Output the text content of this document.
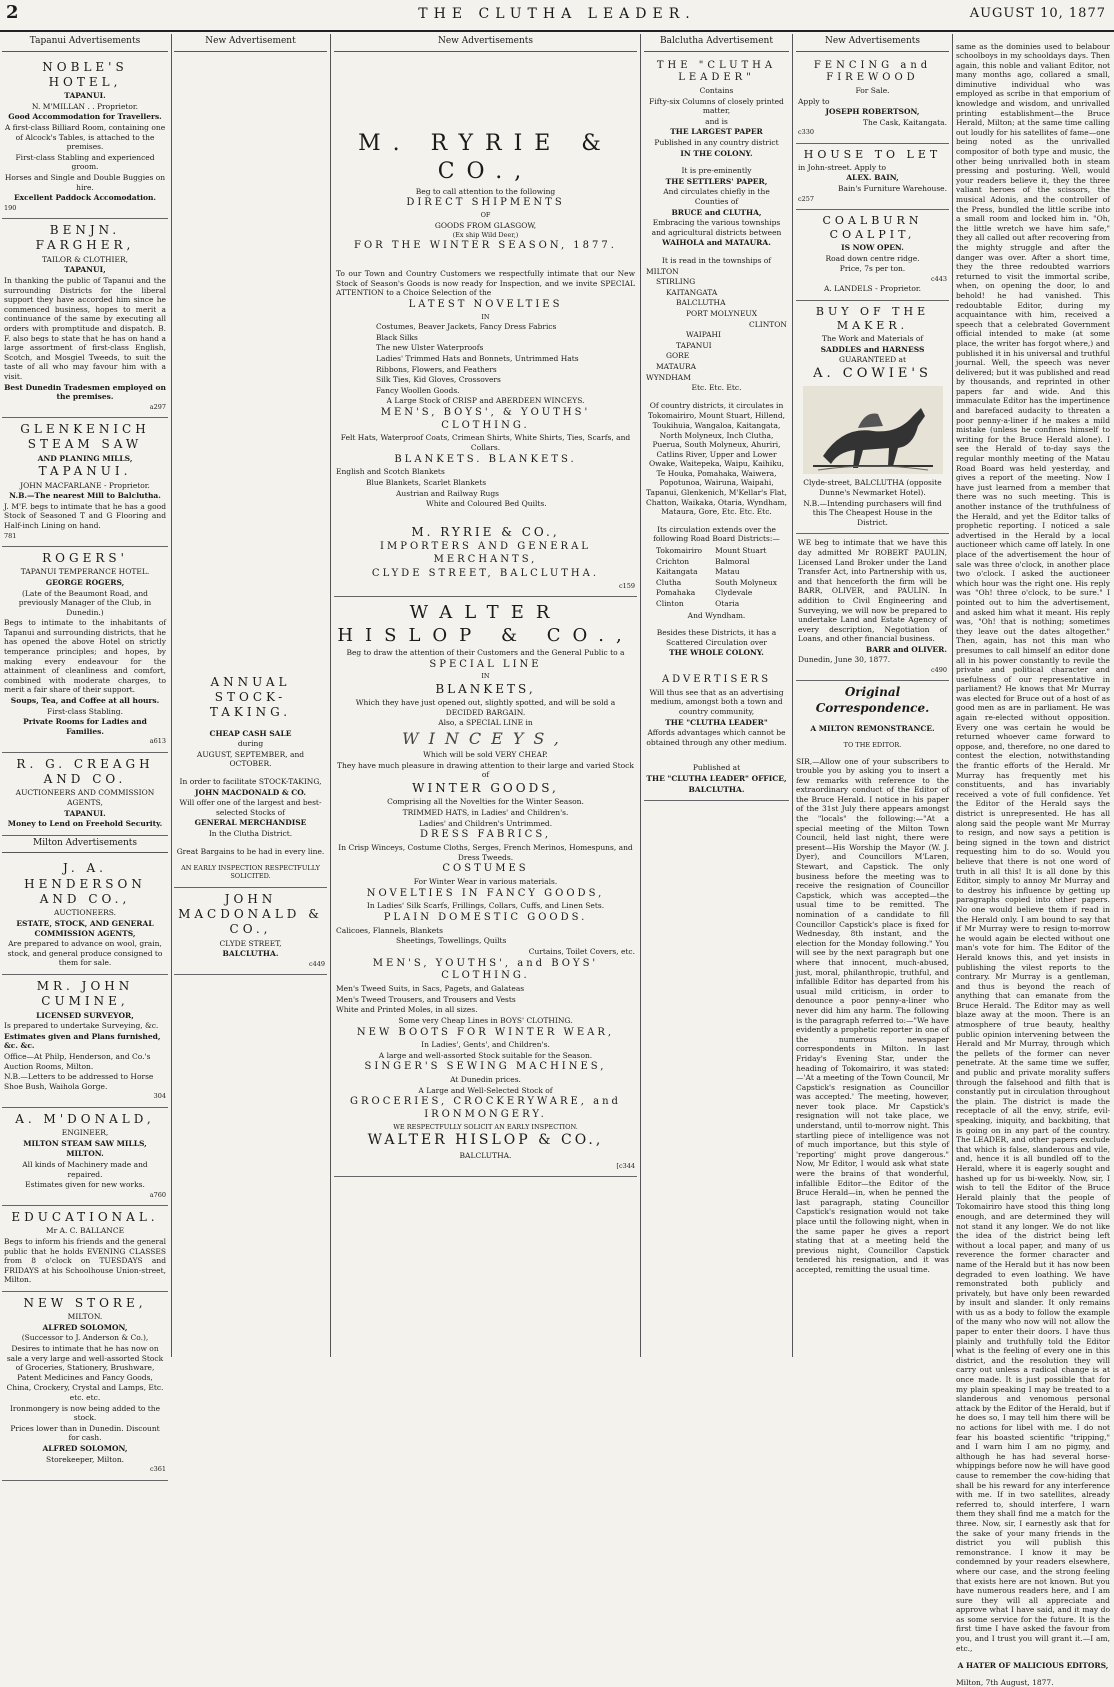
2	THE CLUTHA LEADER.	AUGUST 10, 1877
Tapanui Advertisements

NOBLE'S HOTEL,

TAPANUI.

N. M'MILLAN . . Proprietor.

Good Accommodation for Travellers.

A first-class Billiard Room, containing one of Alcock's Tables, is attached to the premises.

First-class Stabling and experienced groom.

Horses and Single and Double Buggies on hire.

Excellent Paddock Accomodation.

190

BENJN. FARGHER,

TAILOR & CLOTHIER,

TAPANUI,

In thanking the public of Tapanui and the surrounding Districts for the liberal support they have accorded him since he commenced business, hopes to merit a continuance of the same by executing all orders with promptitude and dispatch. B. F. also begs to state that he has on hand a large assortment of first-class English, Scotch, and Mosgiel Tweeds, to suit the taste of all who may favour him with a visit.

Best Dunedin Tradesmen employed on the premises.

a297

GLENKENICH STEAM SAW

AND PLANING MILLS,

TAPANUI.

JOHN MACFARLANE - Proprietor.

N.B.—The nearest Mill to Balclutha.

J. M'F. begs to intimate that he has a good Stock of Seasoned T and G Flooring and Half-inch Lining on hand.

781

ROGERS'

TAPANUI TEMPERANCE HOTEL.

GEORGE ROGERS,

(Late of the Beaumont Road, and previously Manager of the Club, in Dunedin.)

Begs to intimate to the inhabitants of Tapanui and surrounding districts, that he has opened the above Hotel on strictly temperance principles; and hopes, by making every endeavour for the attainment of cleanliness and comfort, combined with moderate charges, to merit a fair share of their support.

Soups, Tea, and Coffee at all hours.

First-class Stabling.

Private Rooms for Ladies and Families.

a613

R. G. CREAGH AND CO.

AUCTIONEERS AND COMMISSION AGENTS,

TAPANUI.

Money to Lend on Freehold Security.

Milton Advertisements

J. A. HENDERSON AND CO.,

AUCTIONEERS.

ESTATE, STOCK, AND GENERAL COMMISSION AGENTS,

Are prepared to advance on wool, grain, stock, and general produce consigned to them for sale.

MR. JOHN CUMINE,

LICENSED SURVEYOR,

Is prepared to undertake Surveying, &c.

Estimates given and Plans furnished, &c. &c.

Office—At Philp, Henderson, and Co.'s Auction Rooms, Milton.

N.B.—Letters to be addressed to Horse Shoe Bush, Waihola Gorge.

304

A. M'DONALD,

ENGINEER,

MILTON STEAM SAW MILLS,

MILTON.

All kinds of Machinery made and repaired.

Estimates given for new works.

a760

EDUCATIONAL.

Mr A. C. BALLANCE

Begs to inform his friends and the general public that he holds EVENING CLASSES from 8 o'clock on TUESDAYS and FRIDAYS at his Schoolhouse Union-street, Milton.

NEW STORE,

MILTON.

ALFRED SOLOMON,

(Successor to J. Anderson & Co.),

Desires to intimate that he has now on sale a very large and well-assorted Stock of Groceries, Stationery, Brushware, Patent Medicines and Fancy Goods,

China, Crockery, Crystal and Lamps, Etc. etc. etc.

Ironmongery is now being added to the stock.

Prices lower than in Dunedin. Discount for cash.

ALFRED SOLOMON,

Storekeeper, Milton.

c361

New Advertisement

ANNUAL STOCK-TAKING.

CHEAP CASH SALE

during

AUGUST, SEPTEMBER, and OCTOBER.

In order to facilitate STOCK-TAKING,

JOHN MACDONALD & CO.

Will offer one of the largest and best-selected Stocks of

GENERAL MERCHANDISE

In the Clutha District.

Great Bargains to be had in every line.

AN EARLY INSPECTION RESPECTFULLY SOLICITED.

JOHN MACDONALD & CO.,

CLYDE STREET,

BALCLUTHA.

c449

New Advertisements

M. RYRIE & CO.,

Beg to call attention to the following

DIRECT SHIPMENTS

OF

GOODS FROM GLASGOW,

(Ex ship Wild Deer,)

FOR THE WINTER SEASON, 1877.

To our Town and Country Customers we respectfully intimate that our New Stock of Season's Goods is now ready for Inspection, and we invite SPECIAL ATTENTION to a Choice Selection of the

LATEST NOVELTIES

IN

Costumes, Beaver Jackets, Fancy Dress Fabrics

Black Silks

The new Ulster Waterproofs

Ladies' Trimmed Hats and Bonnets, Untrimmed Hats

Ribbons, Flowers, and Feathers

Silk Ties, Kid Gloves, Crossovers

Fancy Woollen Goods.

A Large Stock of CRISP and ABERDEEN WINCEYS.

MEN'S, BOYS', & YOUTHS' CLOTHING.

Felt Hats, Waterproof Coats, Crimean Shirts, White Shirts, Ties, Scarfs, and Collars.

BLANKETS. BLANKETS.

English and Scotch Blankets

Blue Blankets, Scarlet Blankets

Austrian and Railway Rugs

White and Coloured Bed Quilts.

M. RYRIE & CO.,

IMPORTERS AND GENERAL MERCHANTS,

CLYDE STREET, BALCLUTHA.

c159

WALTER HISLOP & CO.,

Beg to draw the attention of their Customers and the General Public to a

SPECIAL LINE

IN

BLANKETS,

Which they have just opened out, slightly spotted, and will be sold a DECIDED BARGAIN.

Also, a SPECIAL LINE in

WINCEYS,

Which will be sold VERY CHEAP.

They have much pleasure in drawing attention to their large and varied Stock of

WINTER GOODS,

Comprising all the Novelties for the Winter Season.

TRIMMED HATS, in Ladies' and Children's.

Ladies' and Children's Untrimmed.

DRESS FABRICS,

In Crisp Winceys, Costume Cloths, Serges, French Merinos, Homespuns, and Dress Tweeds.

COSTUMES

For Winter Wear in various materials.

NOVELTIES IN FANCY GOODS,

In Ladies' Silk Scarfs, Frillings, Collars, Cuffs, and Linen Sets.

PLAIN DOMESTIC GOODS.

Calicoes, Flannels, Blankets

Sheetings, Towellings, Quilts

Curtains, Toilet Covers, etc.

MEN'S, YOUTHS', and BOYS' CLOTHING.

Men's Tweed Suits, in Sacs, Pagets, and Galateas

Men's Tweed Trousers, and Trousers and Vests

White and Printed Moles, in all sizes.

Some very Cheap Lines in BOYS' CLOTHING.

NEW BOOTS FOR WINTER WEAR,

In Ladies', Gents', and Children's.

A large and well-assorted Stock suitable for the Season.

SINGER'S SEWING MACHINES,

At Dunedin prices.

A Large and Well-Selected Stock of

GROCERIES, CROCKERYWARE, and IRONMONGERY.

WE RESPECTFULLY SOLICIT AN EARLY INSPECTION.

WALTER HISLOP & CO.,

BALCLUTHA.

[c344

Balclutha Advertisement

THE "CLUTHA LEADER"

Contains

Fifty-six Columns of closely printed matter,

and is

THE LARGEST PAPER

Published in any country district

IN THE COLONY.

It is pre-eminently

THE SETTLERS' PAPER,

And circulates chiefly in the Counties of

BRUCE and CLUTHA,

Embracing the various townships and agricultural districts between

WAIHOLA and MATAURA.

It is read in the townships of

MILTON

STIRLING

KAITANGATA

BALCLUTHA

PORT MOLYNEUX

CLINTON

WAIPAHI

TAPANUI

GORE

MATAURA

WYNDHAM

Etc. Etc. Etc.

Of country districts, it circulates in

Tokomairiro, Mount Stuart, Hillend, Toukihuia, Wangaloa, Kaitangata, North Molyneux, Inch Clutha, Puerua, South Molyneux, Ahuriri, Catlins River, Upper and Lower Owake, Waitepeka, Waipu, Kaihiku, Te Houka, Pomahaka, Waiwera, Popotunoa, Wairuna, Waipahi, Tapanui, Glenkenich, M'Kellar's Flat, Chatton, Waikaka, Otaria, Wyndham, Mataura, Gore, Etc. Etc. Etc.

Its circulation extends over the following Road Board Districts:—

Tokomairiro

Crichton

Kaitangata

Clutha

Pomahaka

Clinton

Mount Stuart

Balmoral

Matau

South Molyneux

Clydevale

Otaria

And Wyndham.

Besides these Districts, it has a Scattered Circulation over

THE WHOLE COLONY.

ADVERTISERS

Will thus see that as an advertising medium, amongst both a town and country community,

THE "CLUTHA LEADER"

Affords advantages which cannot be obtained through any other medium.

Published at

THE "CLUTHA LEADER" OFFICE,

BALCLUTHA.

New Advertisements

FENCING and FIREWOOD

For Sale.

Apply to

JOSEPH ROBERTSON,

The Cask, Kaitangata.

c330

HOUSE TO LET

in John-street. Apply to

ALEX. BAIN,

Bain's Furniture Warehouse.

c257

COALBURN COALPIT,

IS NOW OPEN.

Road down centre ridge.

Price, 7s per ton.

c443

A. LANDELS - Proprietor.

BUY OF THE MAKER.

The Work and Materials of

SADDLES and HARNESS

GUARANTEED at

A. COWIE'S

Clyde-street, BALCLUTHA (opposite Dunne's Newmarket Hotel).

N.B.—Intending purchasers will find this The Cheapest House in the District.

WE beg to intimate that we have this day admitted Mr ROBERT PAULIN, Licensed Land Broker under the Land Transfer Act, into Partnership with us, and that henceforth the firm will be BARR, OLIVER, and PAULIN. In addition to Civil Engineering and Surveying, we will now be prepared to undertake Land and Estate Agency of every description, Negotiation of Loans, and other financial business.

BARR and OLIVER.

Dunedin, June 30, 1877.

c490

Original Correspondence.

A MILTON REMONSTRANCE.

TO THE EDITOR.

SIR,—Allow one of your subscribers to trouble you by asking you to insert a few remarks with reference to the extraordinary conduct of the Editor of the Bruce Herald. I notice in his paper of the 31st July there appears amongst the "locals" the following:—"At a special meeting of the Milton Town Council, held last night, there were present—His Worship the Mayor (W. J. Dyer), and Councillors M'Laren, Stewart, and Capstick. The only business before the meeting was to receive the resignation of Councillor Capstick, which was accepted—the usual time to be remitted. The nomination of a candidate to fill Councillor Capstick's place is fixed for Wednesday, 8th instant, and the election for the Monday following." You will see by the next paragraph but one where that innocent, much-abused, just, moral, philanthropic, truthful, and infallible Editor has departed from his usual mild criticism, in order to denounce a poor penny-a-liner who never did him any harm. The following is the paragraph referred to:—"We have evidently a prophetic reporter in one of the numerous newspaper correspondents in Milton. In last Friday's Evening Star, under the heading of Tokomairiro, it was stated:—'At a meeting of the Town Council, Mr Capstick's resignation as Councillor was accepted.' The meeting, however, never took place. Mr Capstick's resignation will not take place, we understand, until to-morrow night. This startling piece of intelligence was not of much importance, but this style of 'reporting' might prove dangerous." Now, Mr Editor, I would ask what state were the brains of that wonderful, infallible Editor—the Editor of the Bruce Herald—in, when he penned the last paragraph, stating Councillor Capstick's resignation would not take place until the following night, when in the same paper he gives a report stating that at a meeting held the previous night, Councillor Capstick tendered his resignation, and it was accepted, remitting the usual time.

same as the dominies used to belabour schoolboys in my schooldays days. Then again, this noble and valiant Editor, not many months ago, collared a small, diminutive individual who was employed as scribe in that emporium of knowledge and wisdom, and unrivalled printing establishment—the Bruce Herald, Milton; at the same time calling out loudly for his satellites of fame—one being noted as the unrivalled compositor of both type and music, the other being unrivalled both in steam pressing and posturing. Well, would your readers believe it, they the three valiant heroes of the scissors, the musical Adonis, and the controller of the Press, bundled the little scribe into a small room and locked him in. "Oh, the little wretch we have him safe," they all called out after recovering from the mighty struggle and after the danger was over. After a short time, they the three redoubted warriors returned to visit the immortal scribe, when, on opening the door, lo and behold! he had vanished. This redoubtable Editor, during my acquaintance with him, received a speech that a celebrated Government official intended to make (at some place, the writer has forgot where,) and published it in his universal and truthful journal. Well, the speech was never delivered; but it was published and read by thousands, and reprinted in other papers far and wide. And this immaculate Editor has the impertinence and barefaced audacity to threaten a poor penny-a-liner if he makes a mild mistake (unless he confines himself to writing for the Bruce Herald alone). I see the Herald of to-day says the regular monthly meeting of the Matau Road Board was held yesterday, and gives a report of the meeting. Now I have just learned from a member that there was no such meeting. This is another instance of the truthfulness of the Herald, and yet the Editor talks of prophetic reporting. I noticed a sale advertised in the Herald by a local auctioneer which came off lately. In one place of the advertisement the hour of sale was three o'clock, in another place two o'clock. I asked the auctioneer which hour was the right one. His reply was "Oh! three o'clock, to be sure." I pointed out to him the advertisement, and asked him what it meant. His reply was, "Oh! that is nothing; sometimes they leave out the dates altogether." Then, again, has not this man who presumes to call himself an editor done all in his power constantly to revile the private and political character and usefulness of our representative in parliament? He knows that Mr Murray was elected for Bruce out of a host of as good men as are in parliament. He was again re-elected without opposition. Every one was certain he would be returned whoever came forward to oppose, and, therefore, no one dared to contest the election, notwithstanding the frantic efforts of the Herald. Mr Murray has frequently met his constituents, and has invariably received a vote of full confidence. Yet the Editor of the Herald says the district is unrepresented. He has all along said the people want Mr Murray to resign, and now says a petition is being signed in the town and district requesting him to do so. Would you believe that there is not one word of truth in all this! It is all done by this Editor, simply to annoy Mr Murray and to destroy his influence by getting up paragraphs copied into other papers. No one would believe them if read in the Herald only. I am bound to say that if Mr Murray were to resign to-morrow he would again be elected without one man's vote for him. The Editor of the Herald knows this, and yet insists in publishing the vilest reports to the contrary. Mr Murray is a gentleman, and thus is beyond the reach of anything that can emanate from the Bruce Herald. The Editor may as well blaze away at the moon. There is an atmosphere of true beauty, healthy public opinion intervening between the Herald and Mr Murray, through which the pellets of the former can never penetrate. At the same time we suffer, and public and private morality suffers through the falsehood and filth that is constantly put in circulation throughout the plain. The district is made the receptacle of all the envy, strife, evil-speaking, iniquity, and backbiting, that is going on in any part of the country. The LEADER, and other papers exclude that which is false, slanderous and vile, and, hence it is all bundled off to the Herald, where it is eagerly sought and hashed up for us bi-weekly. Now, sir, I wish to tell the Editor of the Bruce Herald plainly that the people of Tokomairiro have stood this thing long enough, and are determined they will not stand it any longer. We do not like the idea of the district being left without a local paper, and many of us reverence the former character and name of the Herald but it has now been degraded to even loathing. We have remonstrated both publicly and privately, but have only been rewarded by insult and slander. It only remains with us as a body to follow the example of the many who now will not allow the paper to enter their doors. I have thus plainly and truthfully told the Editor what is the feeling of every one in this district, and the resolution they will carry out unless a radical change is at once made. It is just possible that for my plain speaking I may be treated to a slanderous and venomous personal attack by the Editor of the Herald, but if he does so, I may tell him there will be no actions for libel with me. I do not fear his boasted scientific "tripping," and I warn him I am no pigmy, and although he has had several horse-whippings before now he will have good cause to remember the cow-hiding that shall be his reward for any interference with me. If in two satellites, already referred to, should interfere, I warn them they shall find me a match for the three. Now, sir, I earnestly ask that for the sake of your many friends in the district you will publish this remonstrance. I know it may be condemned by your readers elsewhere, where our case, and the strong feeling that exists here are not known. But you have numerous readers here, and I am sure they will all appreciate and approve what I have said, and it may do as some service for the future. It is the first time I have asked the favour from you, and I trust you will grant it.—I am, etc.,

A HATER OF MALICIOUS EDITORS,

Milton, 7th August, 1877.
